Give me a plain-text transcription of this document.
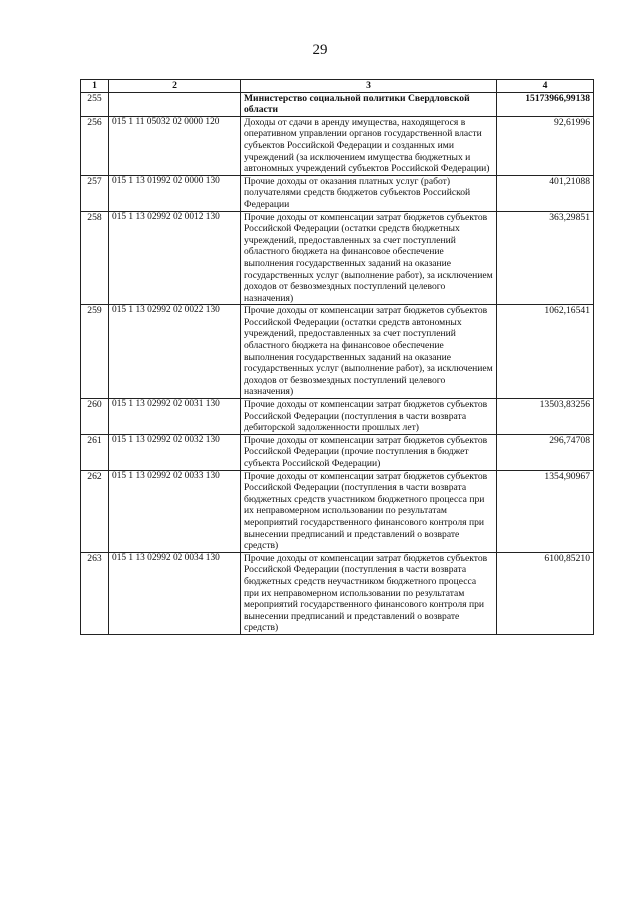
29
1	2	3	4
255		Министерство социальной политики Свердловской области	15173966,99138
256	015 1 11 05032 02 0000 120	Доходы от сдачи в аренду имущества, находящегося в оперативном управлении органов государственной власти субъектов Российской Федерации и созданных ими учреждений (за исключением имущества бюджетных и автономных учреждений субъектов Российской Федерации)	92,61996
257	015 1 13 01992 02 0000 130	Прочие доходы от оказания платных услуг (работ) получателями средств бюджетов субъектов Российской Федерации	401,21088
258	015 1 13 02992 02 0012 130	Прочие доходы от компенсации затрат бюджетов субъектов Российской Федерации (остатки средств бюджетных учреждений, предоставленных за счет поступлений областного бюджета на финансовое обеспечение выполнения государственных заданий на оказание государственных услуг (выполнение работ), за исключением доходов от безвозмездных поступлений целевого назначения)	363,29851
259	015 1 13 02992 02 0022 130	Прочие доходы от компенсации затрат бюджетов субъектов Российской Федерации (остатки средств автономных учреждений, предоставленных за счет поступлений областного бюджета на финансовое обеспечение выполнения государственных заданий на оказание государственных услуг (выполнение работ), за исключением доходов от безвозмездных поступлений целевого назначения)	1062,16541
260	015 1 13 02992 02 0031 130	Прочие доходы от компенсации затрат бюджетов субъектов Российской Федерации (поступления в части возврата дебиторской задолженности прошлых лет)	13503,83256
261	015 1 13 02992 02 0032 130	Прочие доходы от компенсации затрат бюджетов субъектов Российской Федерации (прочие поступления в бюджет субъекта Российской Федерации)	296,74708
262	015 1 13 02992 02 0033 130	Прочие доходы от компенсации затрат бюджетов субъектов Российской Федерации (поступления в части возврата бюджетных средств участником бюджетного процесса при их неправомерном использовании по результатам мероприятий государственного финансового контроля при вынесении предписаний и представлений о возврате средств)	1354,90967
263	015 1 13 02992 02 0034 130	Прочие доходы от компенсации затрат бюджетов субъектов Российской Федерации (поступления в части возврата бюджетных средств неучастником бюджетного процесса при их неправомерном использовании по результатам мероприятий государственного финансового контроля при вынесении предписаний и представлений о возврате средств)	6100,85210
